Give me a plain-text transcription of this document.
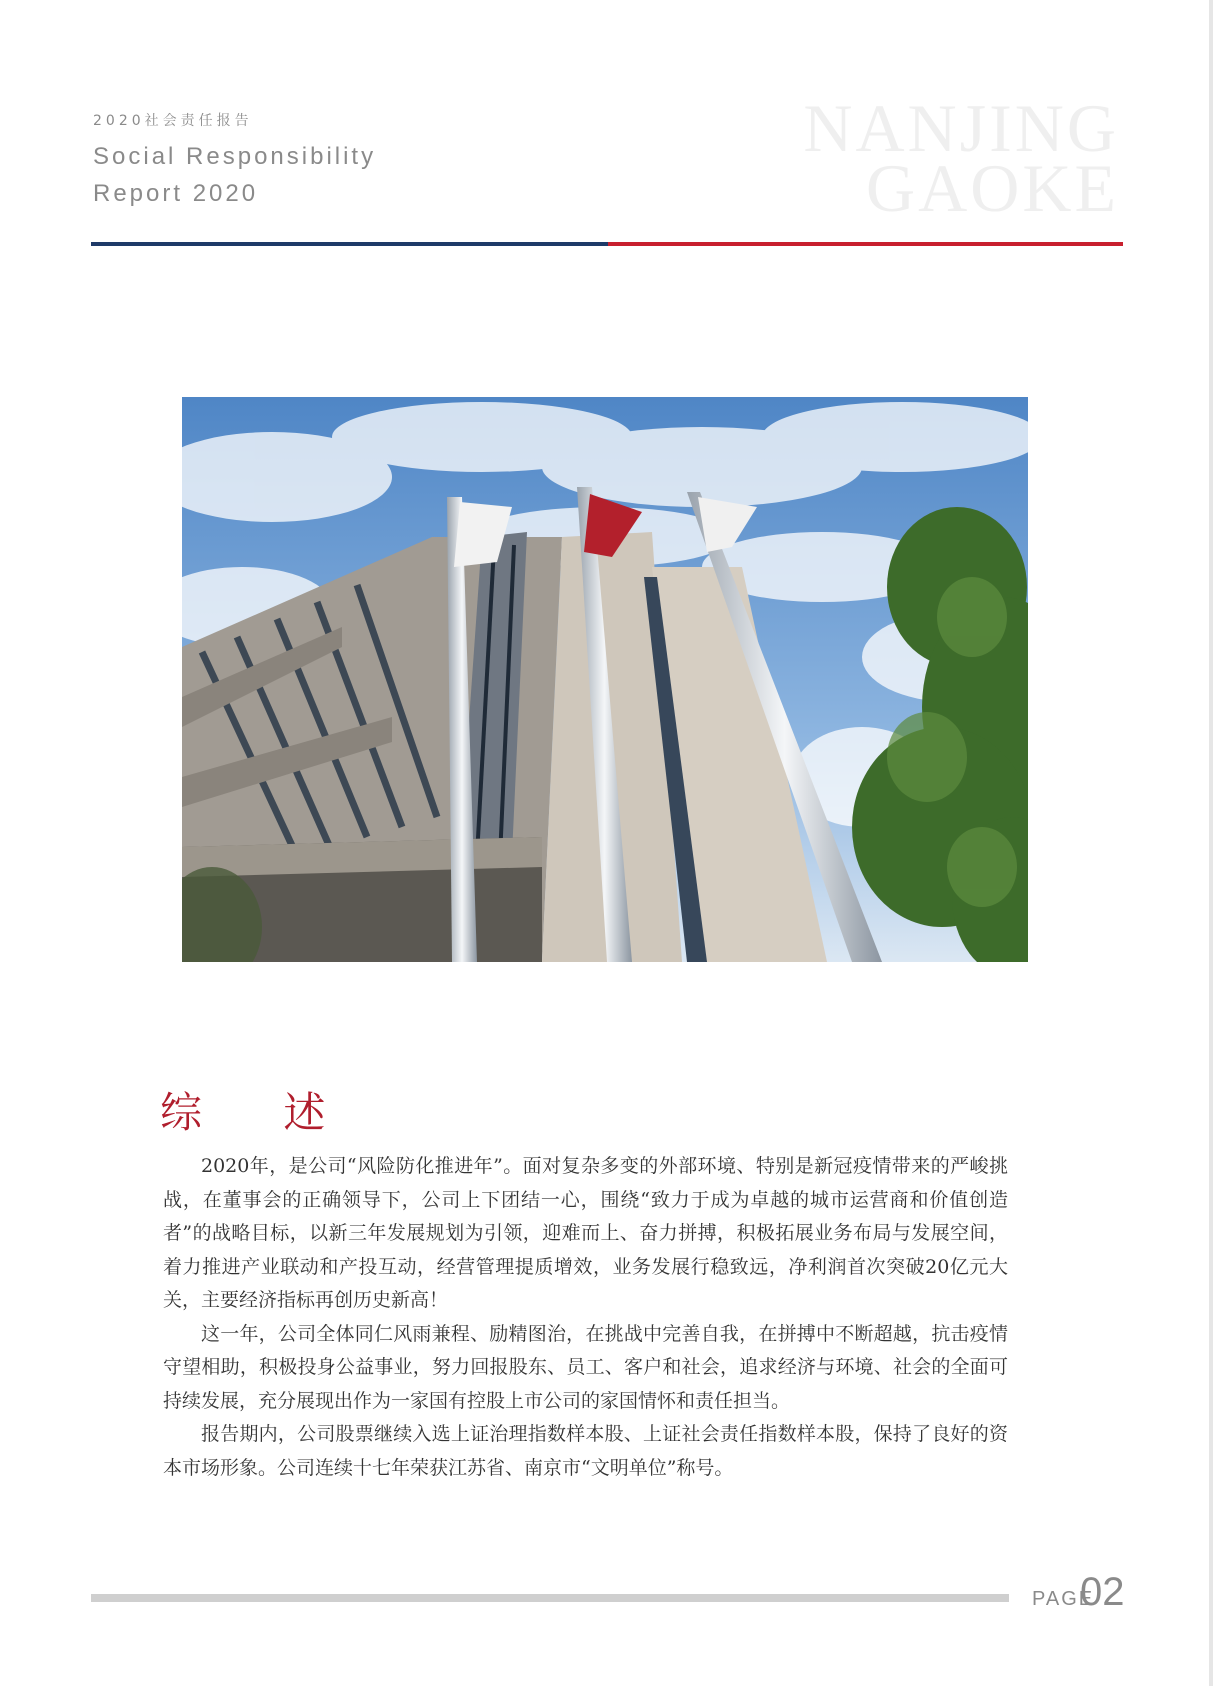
2020社会责任报告
Social Responsibility
Report 2020
NANJING
GAOKE
综 述

2020年，是公司“风险防化推进年”。面对复杂多变的外部环境、特别是新冠疫情带来的严峻挑战，在董事会的正确领导下，公司上下团结一心，围绕“致力于成为卓越的城市运营商和价值创造者”的战略目标，以新三年发展规划为引领，迎难而上、奋力拼搏，积极拓展业务布局与发展空间，着力推进产业联动和产投互动，经营管理提质增效，业务发展行稳致远，净利润首次突破20亿元大关，主要经济指标再创历史新高！

这一年，公司全体同仁风雨兼程、励精图治，在挑战中完善自我，在拼搏中不断超越，抗击疫情守望相助，积极投身公益事业，努力回报股东、员工、客户和社会，追求经济与环境、社会的全面可持续发展，充分展现出作为一家国有控股上市公司的家国情怀和责任担当。

报告期内，公司股票继续入选上证治理指数样本股、上证社会责任指数样本股，保持了良好的资本市场形象。公司连续十七年荣获江苏省、南京市“文明单位”称号。

PAGE
02
